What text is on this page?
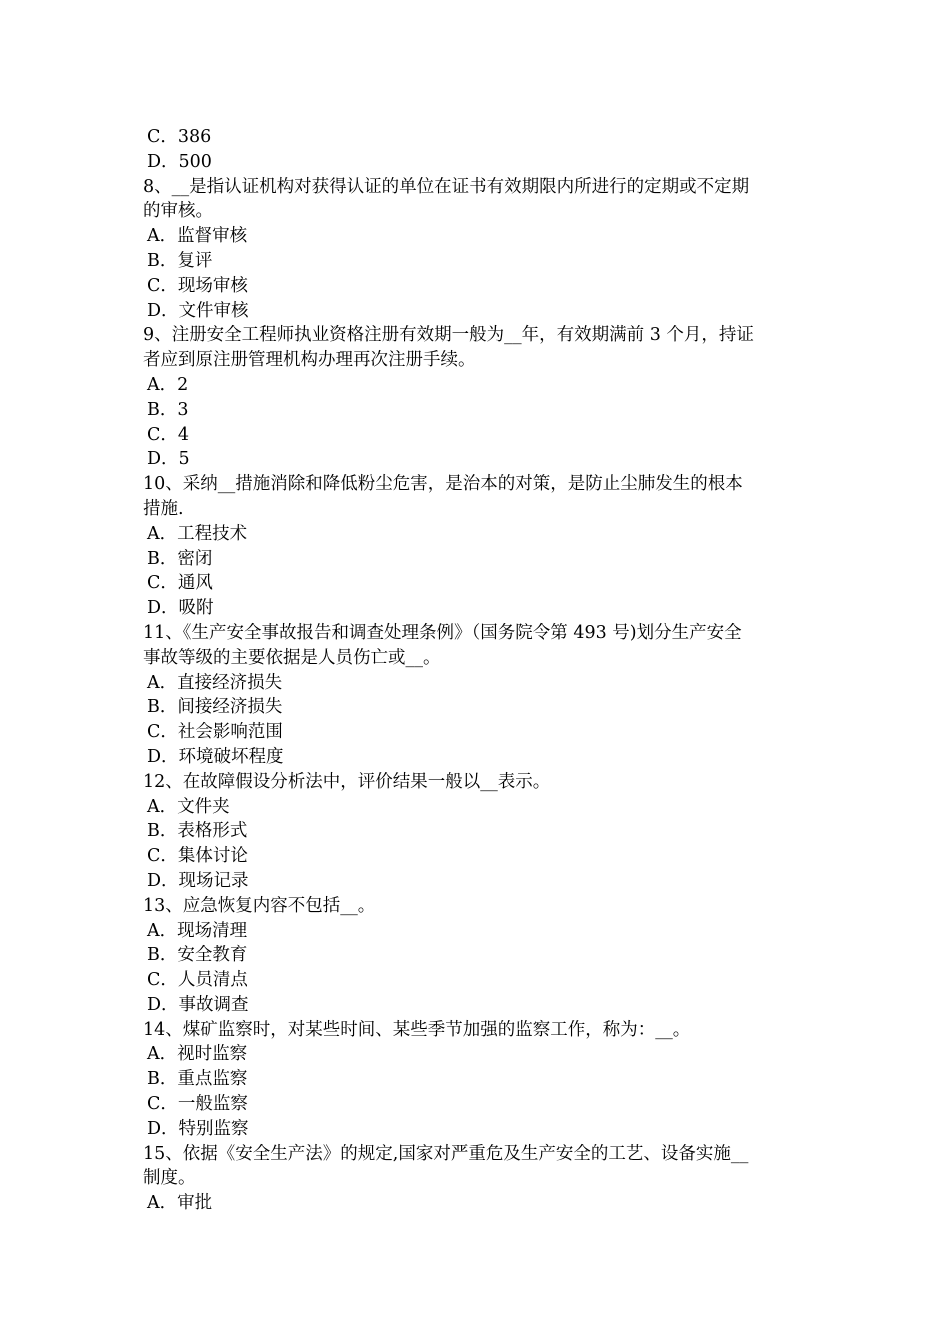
C．386
D．500
8、__是指认证机构对获得认证的单位在证书有效期限内所进行的定期或不定期
的审核。
A．监督审核
B．复评
C．现场审核
D．文件审核
9、注册安全工程师执业资格注册有效期一般为__年，有效期满前 3 个月，持证
者应到原注册管理机构办理再次注册手续。
A．2
B．3
C．4
D．5
10、采纳__措施消除和降低粉尘危害，是治本的对策，是防止尘肺发生的根本
措施.
A．工程技术
B．密闭
C．通风
D．吸附
11、《生产安全事故报告和调查处理条例》（国务院令第 493 号)划分生产安全
事故等级的主要依据是人员伤亡或__。
A．直接经济损失
B．间接经济损失
C．社会影响范围
D．环境破坏程度
12、在故障假设分析法中，评价结果一般以__表示。
A．文件夹
B．表格形式
C．集体讨论
D．现场记录
13、应急恢复内容不包括__。
A．现场清理
B．安全教育
C．人员清点
D．事故调查
14、煤矿监察时，对某些时间、某些季节加强的监察工作，称为：__。
A．视时监察
B．重点监察
C．一般监察
D．特别监察
15、依据《安全生产法》的规定,国家对严重危及生产安全的工艺、设备实施__
制度。
A．审批
